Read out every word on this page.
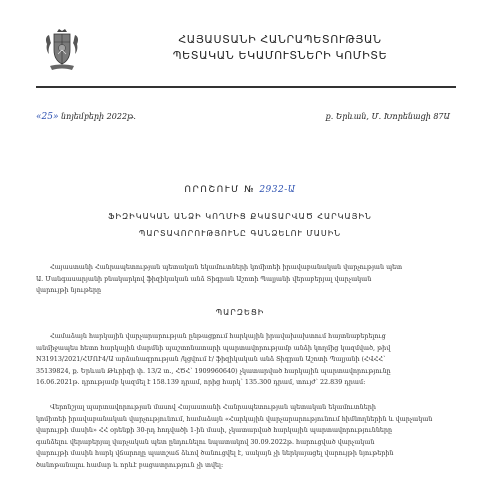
ՀԱՅԱՍՏԱՆԻ ՀԱՆՐԱՊԵՏՈՒԹՅԱՆ
ՊԵՏԱԿԱՆ ԵԿԱՄՈՒՏՆԵՐԻ ԿՈՄԻՏԵ
«25» նոյեմբերի 2022թ.	ք. Երևան, Մ. Խորենացի 87Ա
ՈՐՈՇՈՒՄ № 2932-Ա
ՖԻԶԻԿԱԿԱՆ ԱՆՁԻ ԿՈՂՄԻՑ ՔԿԱՏԱՐՎԱԾ ՀԱՐԿԱՅԻՆ
ՊԱՐՏԱՎՈՐՈՒԹՅՈՒՆԸ ԳԱՆՁԵԼՈՒ ՄԱՍԻՆ
Հայաստանի Հանրապետության պետական եկամուտների կոմիտեի իրավաբանական վարչության պետ
Ա. Մանգասարյանի բնակարկով ֆիզիկական անձ Տիգրան Աշոտի Պալյանի վերաբերյալ վարչական
վարույթի նյութերը
ՊԱՐԶԵՑԻ
Համաձայն հարկային վարչարարության ընթացքում հարկային իրավախախտում հայտնաբերելուց
անմիջապես հետո հարկային մարմնի պաշտոնատարի պարտավորությամբ անձի կողմից կազմված, թիվ
N31913/2021/ՀՄՈՒ4/Ա արձանագրության /կցվում է/ ֆիզիկական անձ Տիգրան Աշոտի Պալյանի (ՀՎՀՀ՝
35139824, ք. Երևան Թևրիզի փ. 13/2 տ., ՀԾՀ՝ 1909960640) չկատարված հարկային պարտավորությունը
16.06.2021թ. դրությամբ կազմել է 158.139 դրամ, որից հարկ՝ 135.300 դրամ, տույժ՝ 22.839 դրամ:
Վերոնշյալ պարտավորության մասով Հայաստանի Հանրապետության պետական եկամուտների
կոմիտեի իրավաբանական վարչությունում, համաձայն «Հարկային վարչարարությունում հիմնողներին և վարչական
վարույթի մասին» ՀՀ օրենքի 30-րդ հոդվածի 1-ին մասի, չկատարված հարկային պարտավորությունները
գանձելու վերաբերյալ վարչական պետ ընդունելու նպատակով 30.09.2022թ. հարուցված վարչական
վարույթի մասին հարկ վճարողը պատշաճ ձևով ծանուցվել է, սակայն չի ներկայացել վարույթի նյութերին
ծանոթանալու համար և որևէ բացատրություն չի տվել:
